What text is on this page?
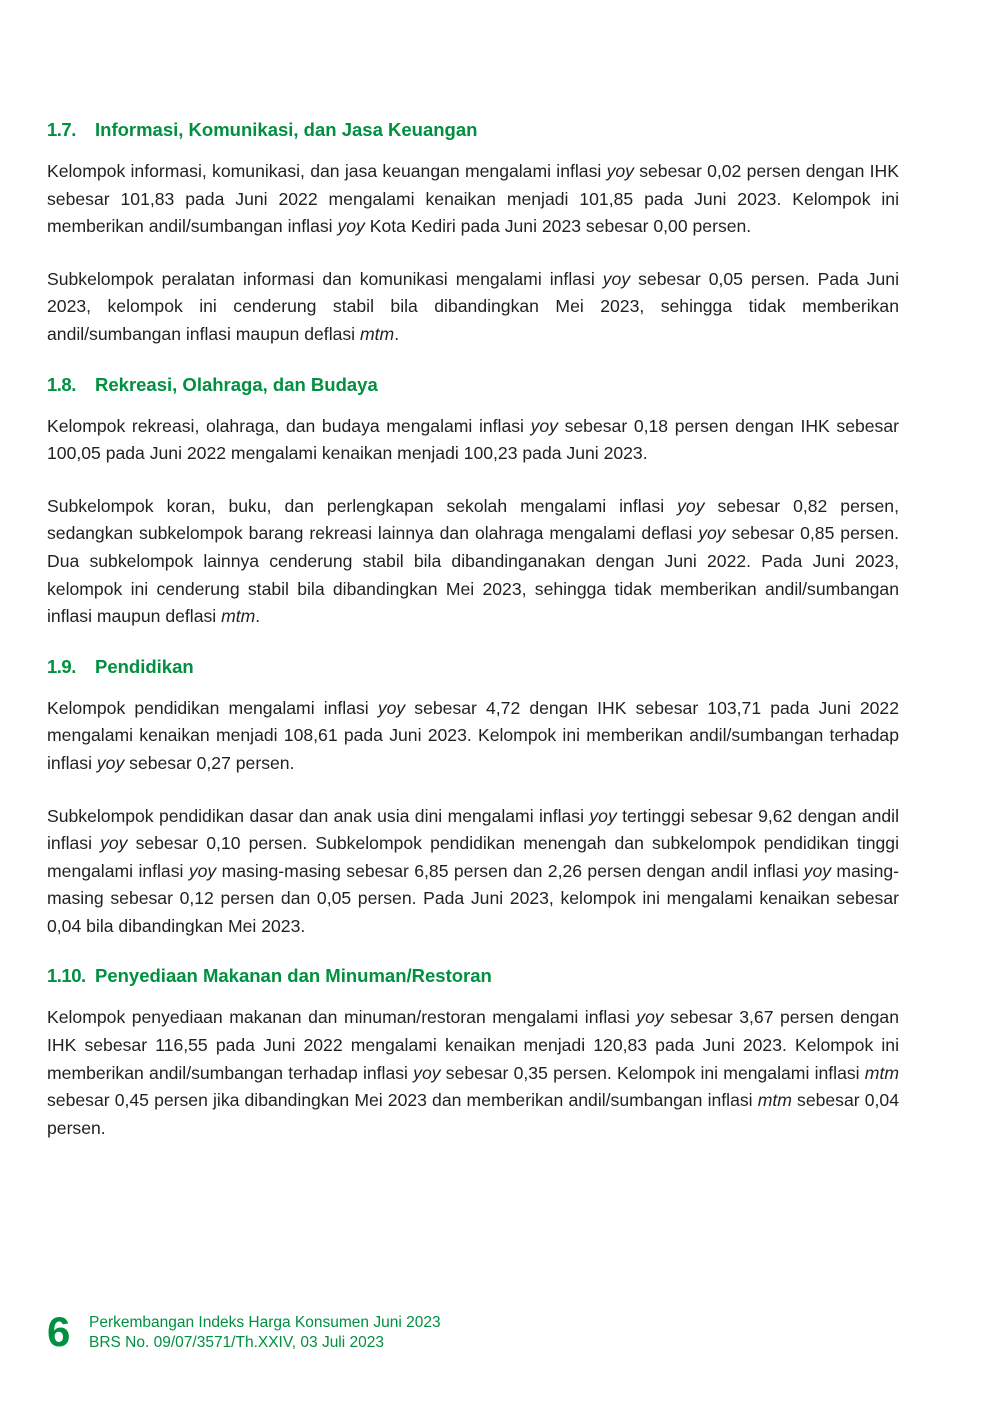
1.7.	Informasi, Komunikasi, dan Jasa Keuangan

Kelompok informasi, komunikasi, dan jasa keuangan mengalami inflasi yoy sebesar 0,02 persen dengan IHK sebesar 101,83 pada Juni 2022 mengalami kenaikan menjadi 101,85 pada Juni 2023. Kelompok ini memberikan andil/sumbangan inflasi yoy Kota Kediri pada Juni 2023 sebesar 0,00 persen.

Subkelompok peralatan informasi dan komunikasi mengalami inflasi yoy sebesar 0,05 persen. Pada Juni 2023, kelompok ini cenderung stabil bila dibandingkan Mei 2023, sehingga tidak memberikan andil/sumbangan inflasi maupun deflasi mtm.

1.8.	Rekreasi, Olahraga, dan Budaya

Kelompok rekreasi, olahraga, dan budaya mengalami inflasi yoy sebesar 0,18 persen dengan IHK sebesar 100,05 pada Juni 2022 mengalami kenaikan menjadi 100,23 pada Juni 2023.

Subkelompok koran, buku, dan perlengkapan sekolah mengalami inflasi yoy sebesar 0,82 persen, sedangkan subkelompok barang rekreasi lainnya dan olahraga mengalami deflasi yoy sebesar 0,85 persen. Dua subkelompok lainnya cenderung stabil bila dibandinganakan dengan Juni 2022. Pada Juni 2023, kelompok ini cenderung stabil bila dibandingkan Mei 2023, sehingga tidak memberikan andil/sumbangan inflasi maupun deflasi mtm.

1.9.	Pendidikan

Kelompok pendidikan mengalami inflasi yoy sebesar 4,72 dengan IHK sebesar 103,71 pada Juni 2022 mengalami kenaikan menjadi 108,61 pada Juni 2023. Kelompok ini memberikan andil/sumbangan terhadap inflasi yoy sebesar 0,27 persen.

Subkelompok pendidikan dasar dan anak usia dini mengalami inflasi yoy tertinggi sebesar 9,62 dengan andil inflasi yoy sebesar 0,10 persen. Subkelompok pendidikan menengah dan subkelompok pendidikan tinggi mengalami inflasi yoy masing-masing sebesar 6,85 persen dan 2,26 persen dengan andil inflasi yoy masing-masing sebesar 0,12 persen dan 0,05 persen. Pada Juni 2023, kelompok ini mengalami kenaikan sebesar 0,04 bila dibandingkan Mei 2023.

1.10. Penyediaan Makanan dan Minuman/Restoran

Kelompok penyediaan makanan dan minuman/restoran mengalami inflasi yoy sebesar 3,67 persen dengan IHK sebesar 116,55 pada Juni 2022 mengalami kenaikan menjadi 120,83 pada Juni 2023. Kelompok ini memberikan andil/sumbangan terhadap inflasi yoy sebesar 0,35 persen. Kelompok ini mengalami inflasi mtm sebesar 0,45 persen jika dibandingkan Mei 2023 dan memberikan andil/sumbangan inflasi mtm sebesar 0,04 persen.

6	Perkembangan Indeks Harga Konsumen Juni 2023
BRS No. 09/07/3571/Th.XXIV, 03 Juli 2023
